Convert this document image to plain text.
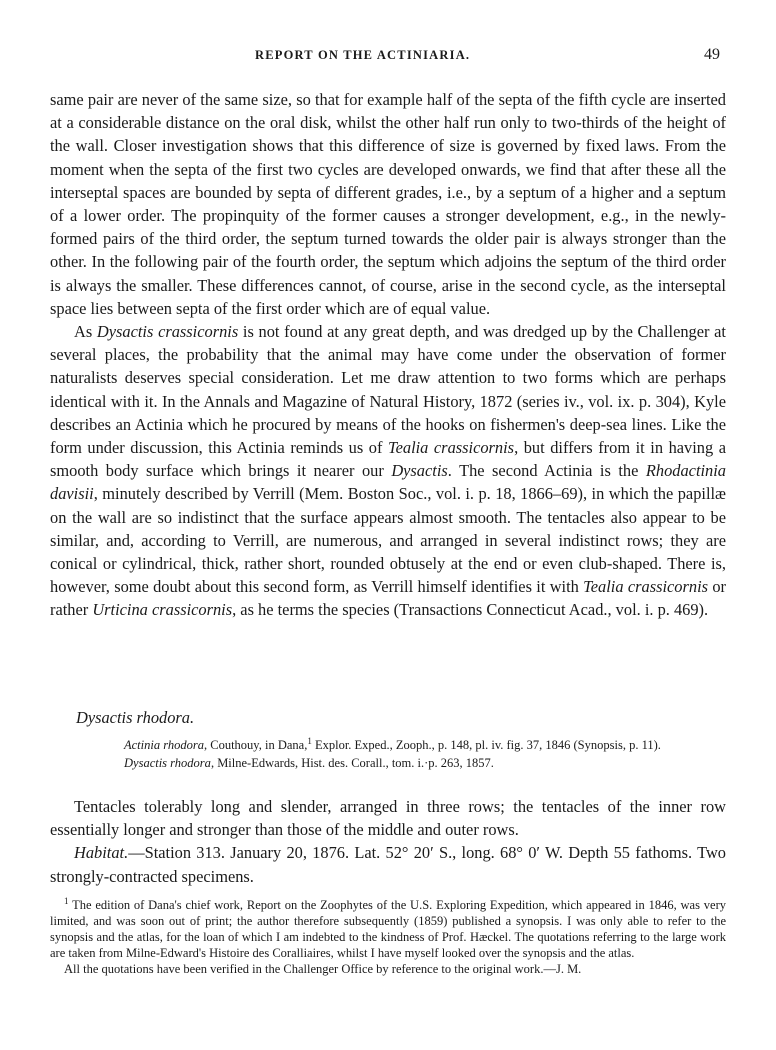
REPORT ON THE ACTINIARIA.	49

same pair are never of the same size, so that for example half of the septa of the fifth cycle are inserted at a considerable distance on the oral disk, whilst the other half run only to two-thirds of the height of the wall. Closer investigation shows that this difference of size is governed by fixed laws. From the moment when the septa of the first two cycles are developed onwards, we find that after these all the interseptal spaces are bounded by septa of different grades, i.e., by a septum of a higher and a septum of a lower order. The propinquity of the former causes a stronger development, e.g., in the newly-formed pairs of the third order, the septum turned towards the older pair is always stronger than the other. In the following pair of the fourth order, the septum which adjoins the septum of the third order is always the smaller. These differences cannot, of course, arise in the second cycle, as the interseptal space lies between septa of the first order which are of equal value.

As Dysactis crassicornis is not found at any great depth, and was dredged up by the Challenger at several places, the probability that the animal may have come under the observation of former naturalists deserves special consideration. Let me draw attention to two forms which are perhaps identical with it. In the Annals and Magazine of Natural History, 1872 (series iv., vol. ix. p. 304), Kyle describes an Actinia which he procured by means of the hooks on fishermen's deep-sea lines. Like the form under discussion, this Actinia reminds us of Tealia crassicornis, but differs from it in having a smooth body surface which brings it nearer our Dysactis. The second Actinia is the Rhodactinia davisii, minutely described by Verrill (Mem. Boston Soc., vol. i. p. 18, 1866–69), in which the papillæ on the wall are so indistinct that the surface appears almost smooth. The tentacles also appear to be similar, and, according to Verrill, are numerous, and arranged in several indistinct rows; they are conical or cylindrical, thick, rather short, rounded obtusely at the end or even club-shaped. There is, however, some doubt about this second form, as Verrill himself identifies it with Tealia crassicornis or rather Urticina crassicornis, as he terms the species (Transactions Connecticut Acad., vol. i. p. 469).

Dysactis rhodora.

Actinia rhodora, Couthouy, in Dana,$^1$ Explor. Exped., Zooph., p. 148, pl. iv. fig. 37, 1846 (Synopsis, p. 11).

Dysactis rhodora, Milne-Edwards, Hist. des. Corall., tom. i.·p. 263, 1857.

Tentacles tolerably long and slender, arranged in three rows; the tentacles of the inner row essentially longer and stronger than those of the middle and outer rows.

Habitat.—Station 313. January 20, 1876. Lat. 52° 20′ S., long. 68° 0′ W. Depth 55 fathoms. Two strongly-contracted specimens.

$^1$ The edition of Dana's chief work, Report on the Zoophytes of the U.S. Exploring Expedition, which appeared in 1846, was very limited, and was soon out of print; the author therefore subsequently (1859) published a synopsis. I was only able to refer to the synopsis and the atlas, for the loan of which I am indebted to the kindness of Prof. Hæckel. The quotations referring to the large work are taken from Milne-Edward's Histoire des Coralliaires, whilst I have myself looked over the synopsis and the atlas.

All the quotations have been verified in the Challenger Office by reference to the original work.—J. M.
